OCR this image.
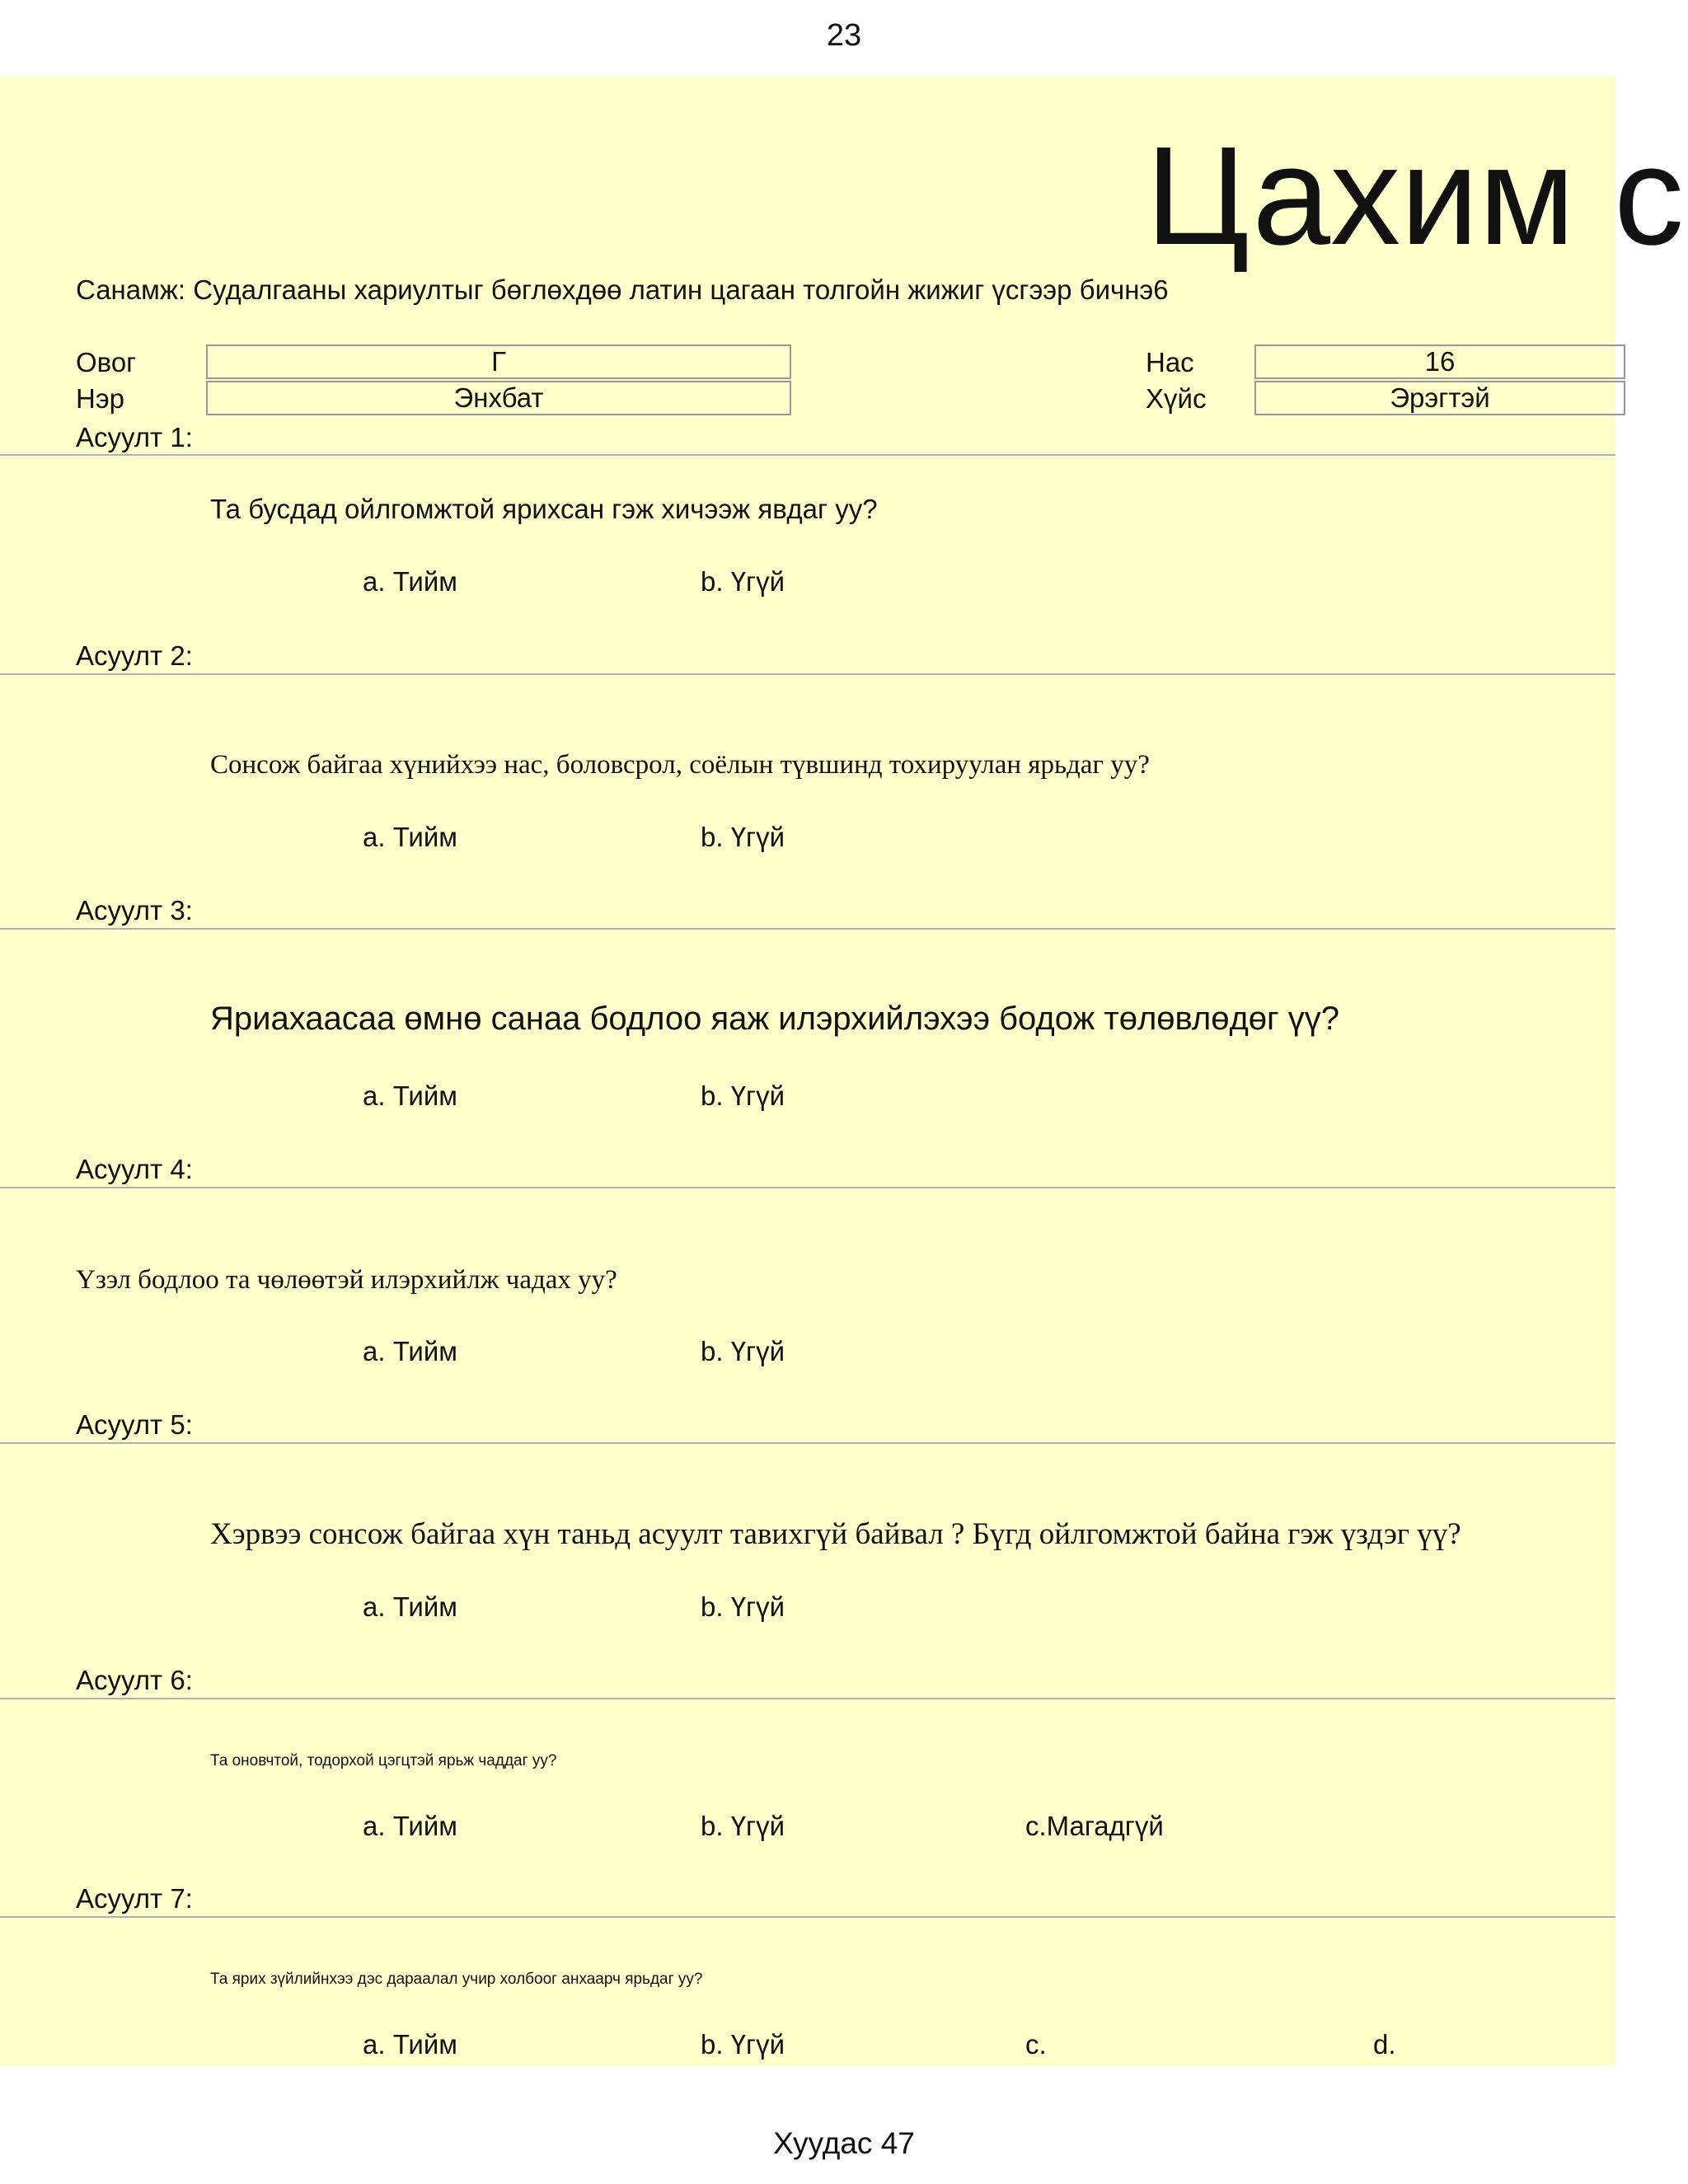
23
Цахим с
Санамж: Судалгааны хариултыг бөглөхдөө латин цагаан толгойн жижиг үсгээр бичнэ6
Овог	Г
Нэр	Энхбат
Нас	16
Хүйс	Эрэгтэй
Асуулт 1:
Та бусдад ойлгомжтой ярихсан гэж хичээж явдаг уу?
a. Тийм	b. Үгүй
Асуулт 2:
Сонсож байгаа хүнийхээ нас, боловсрол, соёлын түвшинд тохируулан ярьдаг уу?
a. Тийм	b. Үгүй
Асуулт 3:
Яриахаасаа өмнө санаа бодлоо яаж илэрхийлэхээ бодож төлөвлөдөг үү?
a. Тийм	b. Үгүй
Асуулт 4:
Үзэл бодлоо та чөлөөтэй илэрхийлж чадах уу?
a. Тийм	b. Үгүй
Асуулт 5:
Хэрвээ сонсож байгаа хүн таньд асуулт тавихгүй байвал ? Бүгд ойлгомжтой байна гэж үздэг үү?
a. Тийм	b. Үгүй
Асуулт 6:
Та оновчтой, тодорхой цэгцтэй ярьж чаддаг уу?
a. Тийм	b. Үгүй	c.Магадгүй
Асуулт 7:
Та ярих зүйлийнхээ дэс дараалал учир холбоог анхаарч ярьдаг уу?
a. Тийм	b. Үгүй	c.	d.
Хуудас 47
